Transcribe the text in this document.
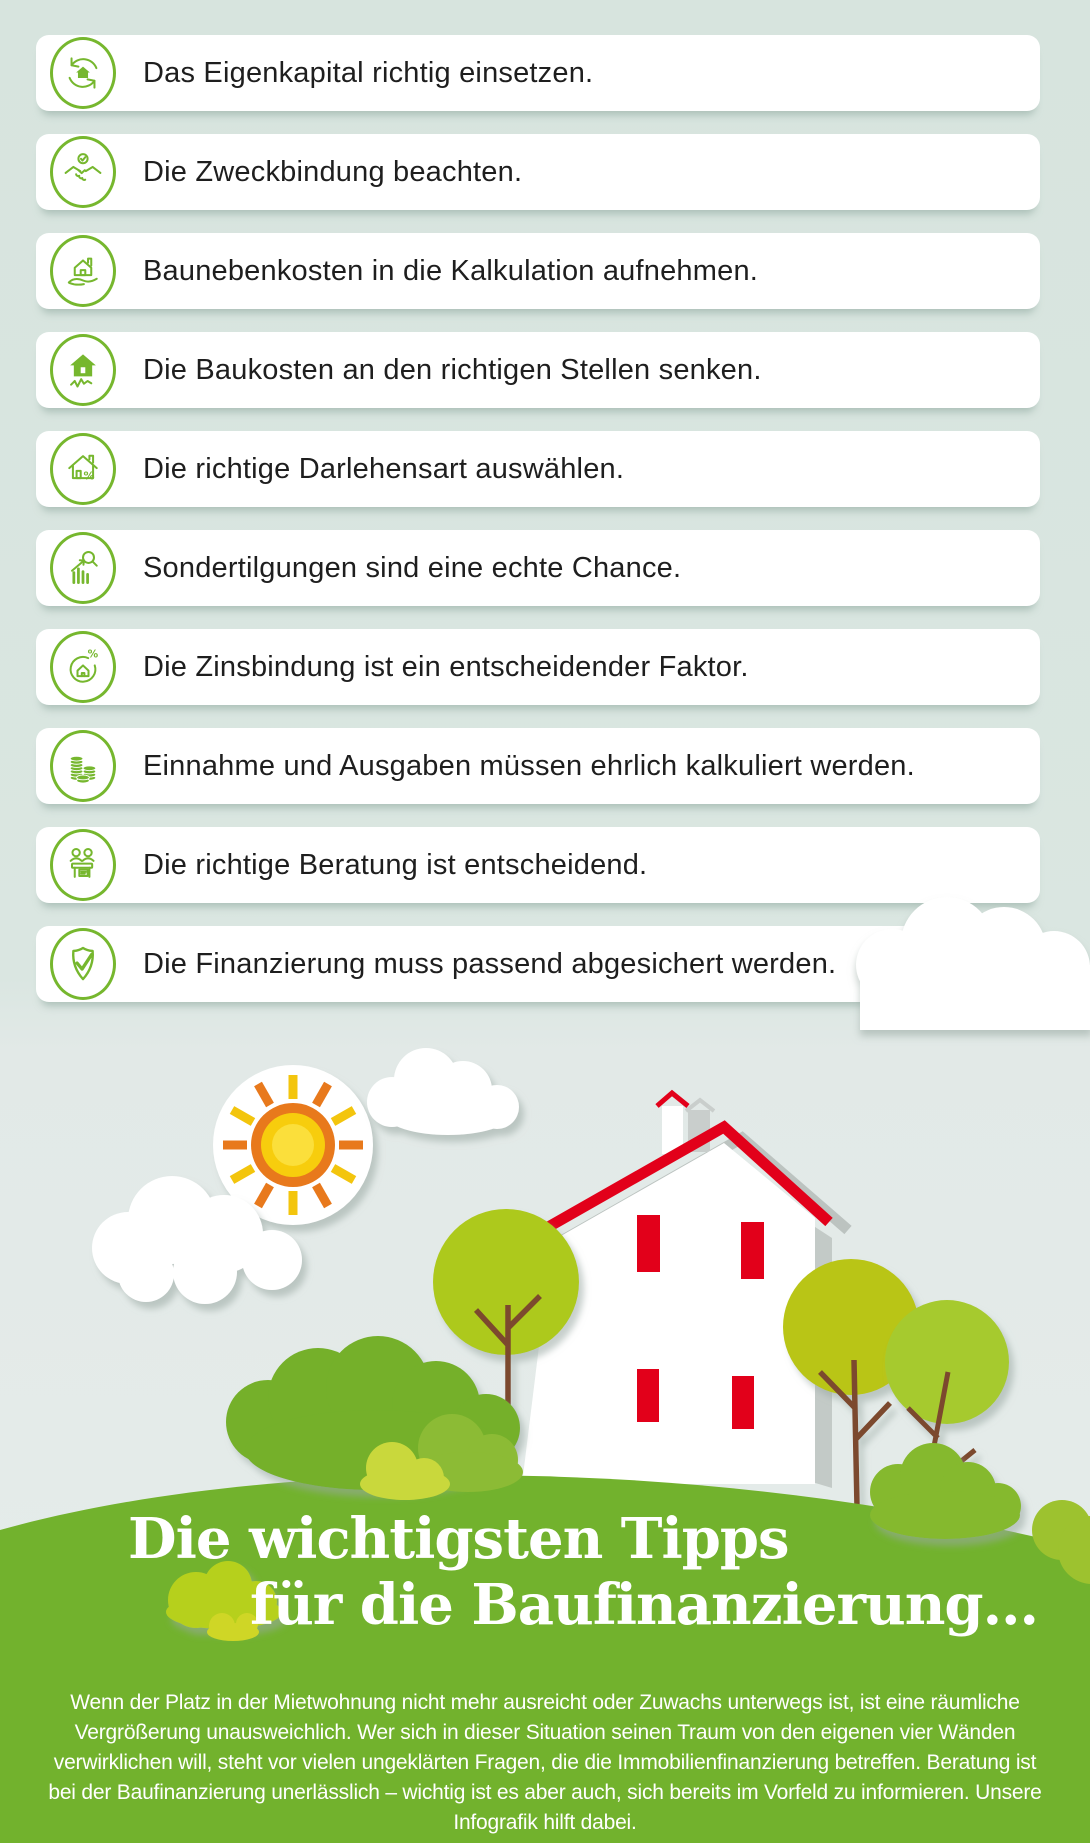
Das Eigenkapital richtig einsetzen.
Die Zweckbindung beachten.
Baunebenkosten in die Kalkulation aufnehmen.
Die Baukosten an den richtigen Stellen senken.
% Die richtige Darlehensart auswählen.
Sondertilgungen sind eine echte Chance.
% Die Zinsbindung ist ein entscheidender Faktor.
Einnahme und Ausgaben müssen ehrlich kalkuliert werden.
Die richtige Beratung ist entscheidend.
Die Finanzierung muss passend abgesichert werden.
Die wichtigsten Tipps
für die Baufinanzierung...
Wenn der Platz in der Mietwohnung nicht mehr ausreicht oder Zuwachs unterwegs ist, ist eine räumliche Vergrößerung unausweichlich. Wer sich in dieser Situation seinen Traum von den eigenen vier Wänden verwirklichen will, steht vor vielen ungeklärten Fragen, die die Immobilienfinanzierung betreffen. Beratung ist bei der Baufinanzierung unerlässlich – wichtig ist es aber auch, sich bereits im Vorfeld zu informieren. Unsere Infografik hilft dabei.
